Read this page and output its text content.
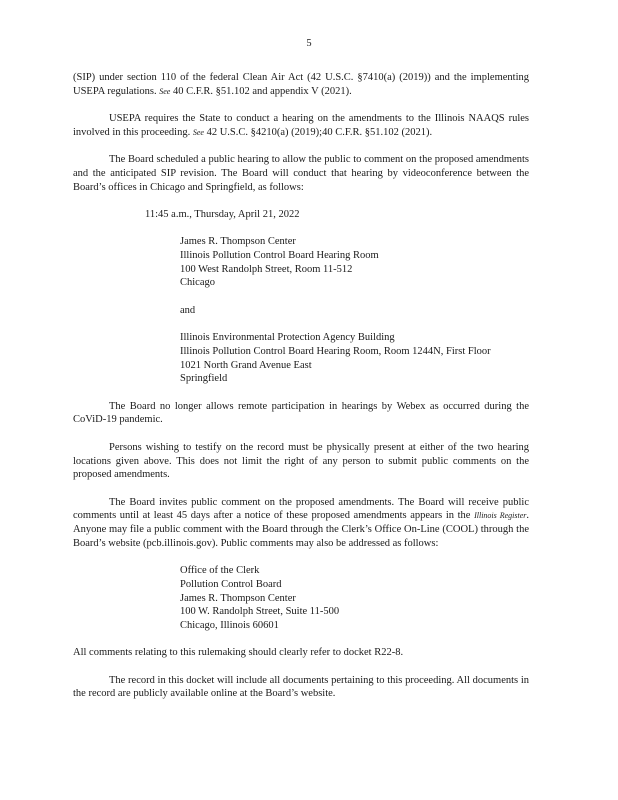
5

(SIP) under section 110 of the federal Clean Air Act (42 U.S.C. §7410(a) (2019)) and the implementing USEPA regulations. See 40 C.F.R. §51.102 and appendix V (2021).

USEPA requires the State to conduct a hearing on the amendments to the Illinois NAAQS rules involved in this proceeding. See 42 U.S.C. §4210(a) (2019);40 C.F.R. §51.102 (2021).

The Board scheduled a public hearing to allow the public to comment on the proposed amendments and the anticipated SIP revision. The Board will conduct that hearing by videoconference between the Board’s offices in Chicago and Springfield, as follows:

11:45 a.m., Thursday, April 21, 2022
James R. Thompson Center
Illinois Pollution Control Board Hearing Room
100 West Randolph Street, Room 11-512
Chicago
and
Illinois Environmental Protection Agency Building
Illinois Pollution Control Board Hearing Room, Room 1244N, First Floor
1021 North Grand Avenue East
Springfield

The Board no longer allows remote participation in hearings by Webex as occurred during the CoViD-19 pandemic.

Persons wishing to testify on the record must be physically present at either of the two hearing locations given above. This does not limit the right of any person to submit public comments on the proposed amendments.

The Board invites public comment on the proposed amendments. The Board will receive public comments until at least 45 days after a notice of these proposed amendments appears in the Illinois Register. Anyone may file a public comment with the Board through the Clerk’s Office On-Line (COOL) through the Board’s website (pcb.illinois.gov). Public comments may also be addressed as follows:

Office of the Clerk
Pollution Control Board
James R. Thompson Center
100 W. Randolph Street, Suite 11-500
Chicago, Illinois 60601

All comments relating to this rulemaking should clearly refer to docket R22-8.

The record in this docket will include all documents pertaining to this proceeding. All documents in the record are publicly available online at the Board’s website.
